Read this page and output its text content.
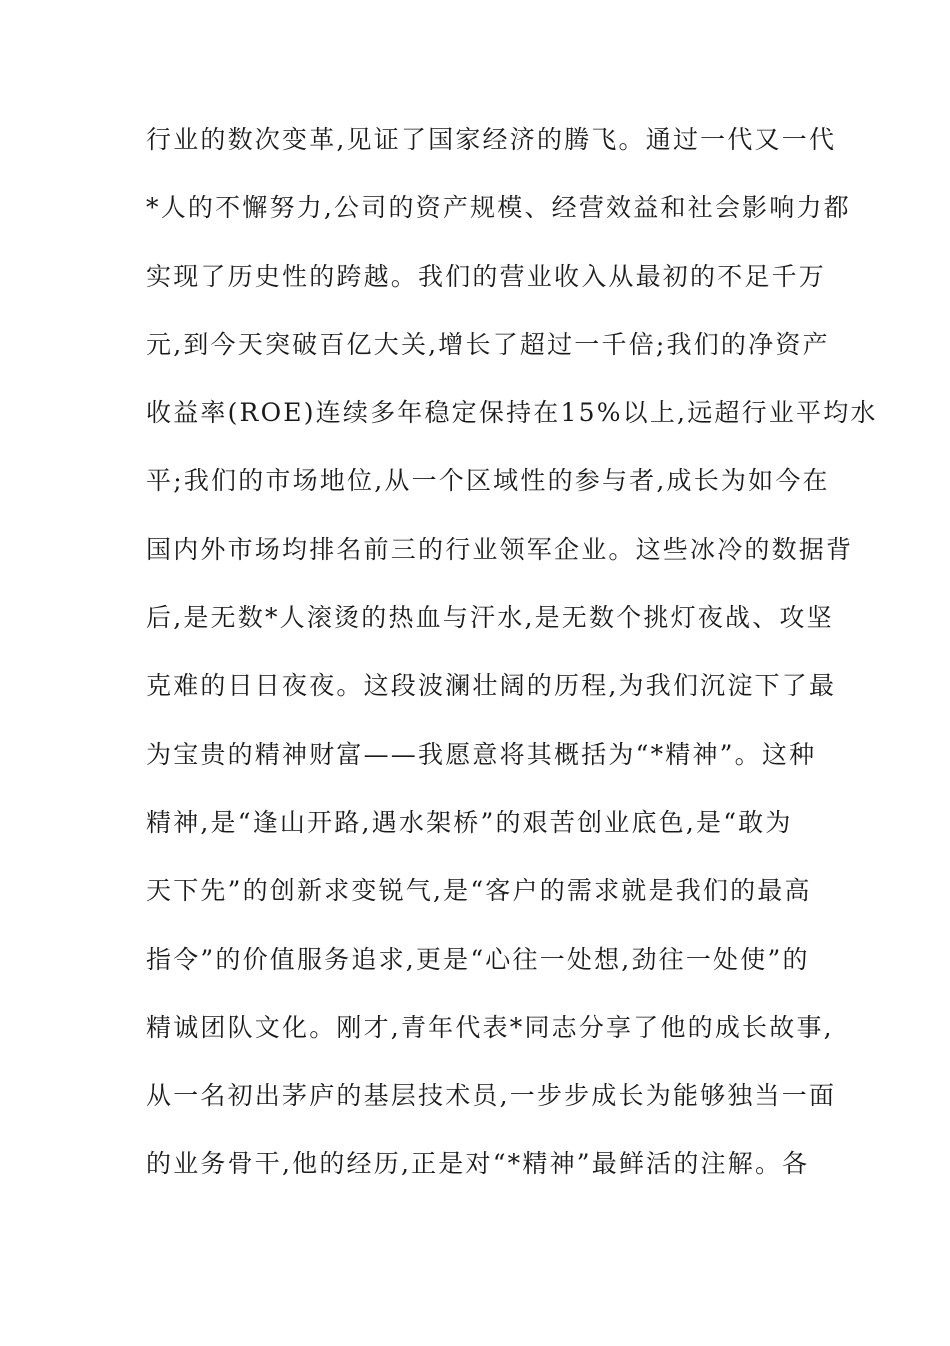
行业的数次变革,见证了国家经济的腾飞。通过一代又一代
*人的不懈努力,公司的资产规模、经营效益和社会影响力都
实现了历史性的跨越。我们的营业收入从最初的不足千万
元,到今天突破百亿大关,增长了超过一千倍;我们的净资产
收益率(ROE)连续多年稳定保持在15%以上,远超行业平均水
平;我们的市场地位,从一个区域性的参与者,成长为如今在
国内外市场均排名前三的行业领军企业。这些冰冷的数据背
后,是无数*人滚烫的热血与汗水,是无数个挑灯夜战、攻坚
克难的日日夜夜。这段波澜壮阔的历程,为我们沉淀下了最
为宝贵的精神财富——我愿意将其概括为“*精神”。这种
精神,是“逢山开路,遇水架桥”的艰苦创业底色,是“敢为
天下先”的创新求变锐气,是“客户的需求就是我们的最高
指令”的价值服务追求,更是“心往一处想,劲往一处使”的
精诚团队文化。刚才,青年代表*同志分享了他的成长故事,
从一名初出茅庐的基层技术员,一步步成长为能够独当一面
的业务骨干,他的经历,正是对“*精神”最鲜活的注解。各
